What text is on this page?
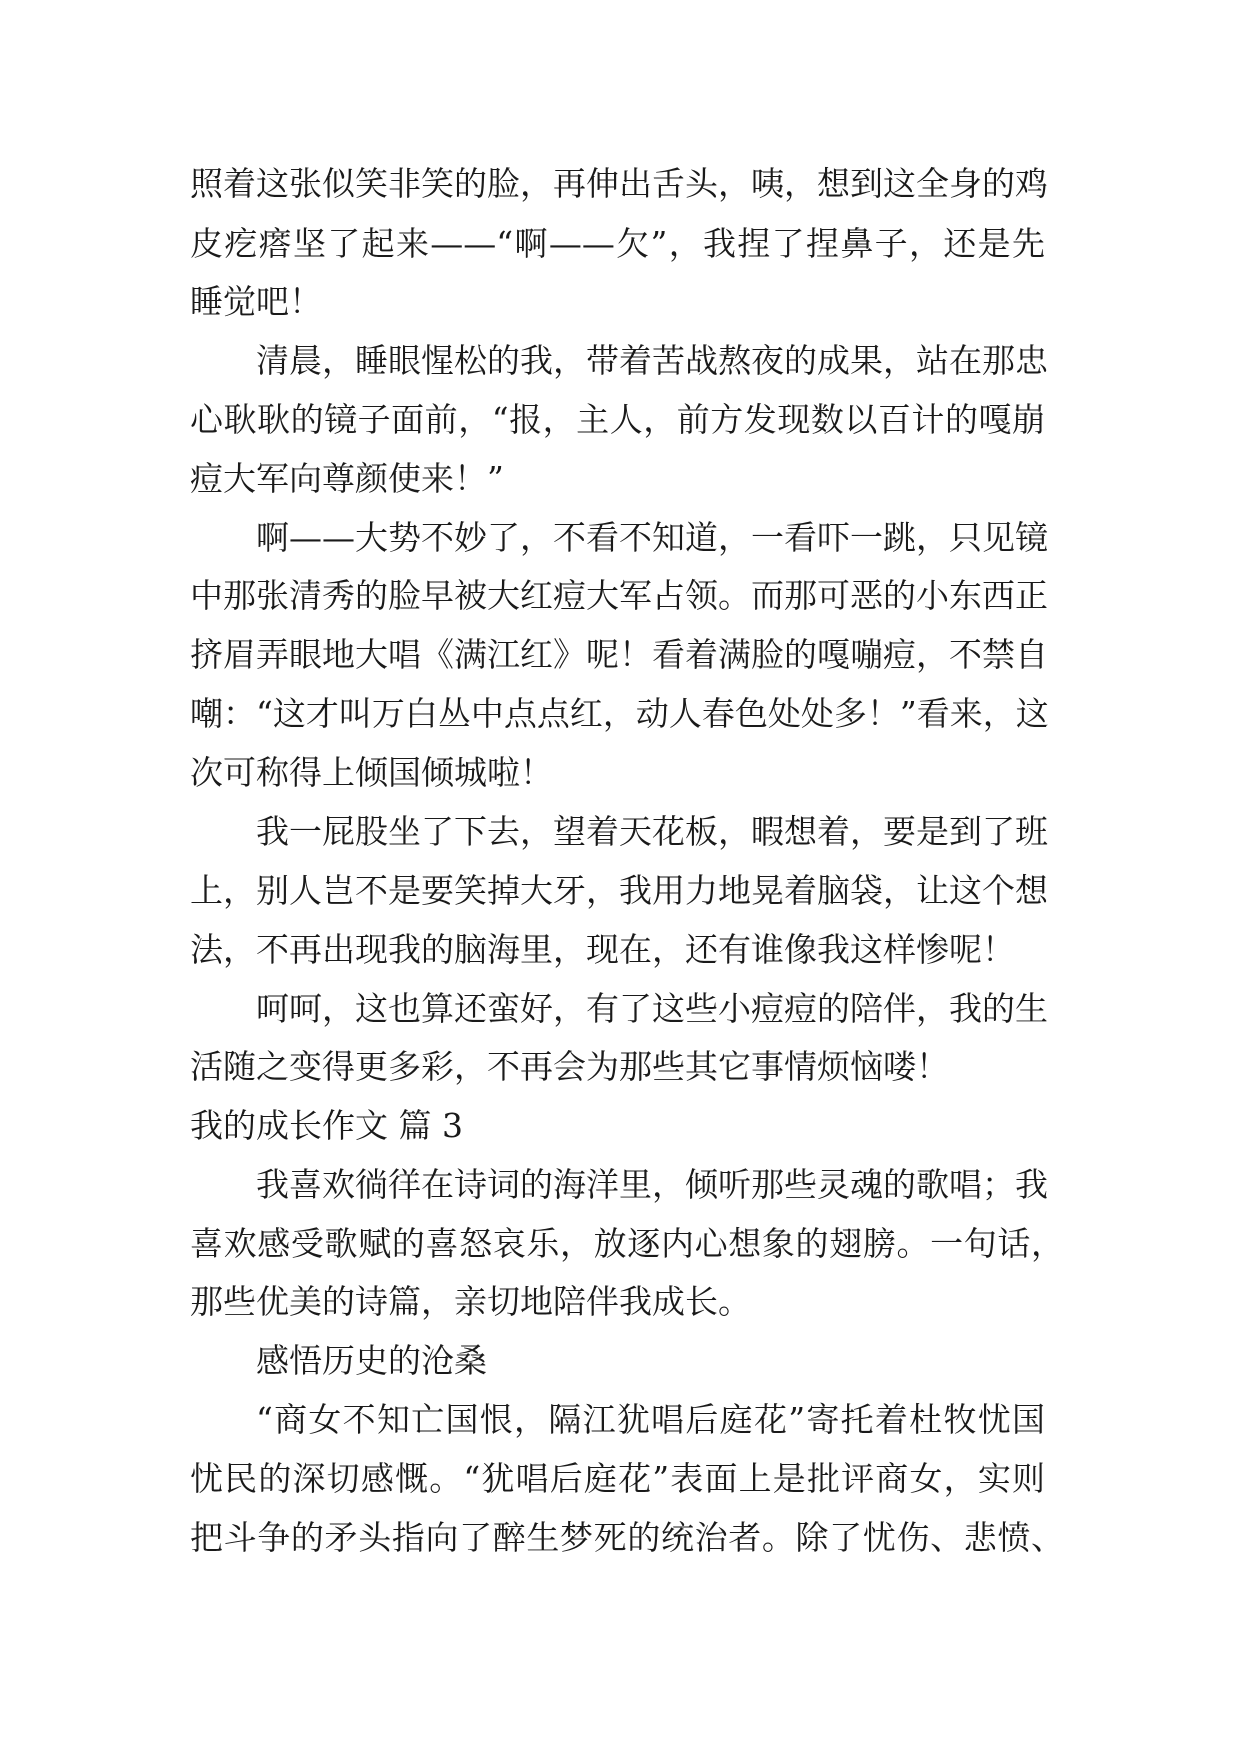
照着这张似笑非笑的脸，再伸出舌头，咦，想到这全身的鸡
皮疙瘩坚了起来——“啊——欠”，我捏了捏鼻子，还是先
睡觉吧！
清晨，睡眼惺松的我，带着苦战熬夜的成果，站在那忠
心耿耿的镜子面前，“报，主人，前方发现数以百计的嘎崩
痘大军向尊颜使来！”
啊——大势不妙了，不看不知道，一看吓一跳，只见镜
中那张清秀的脸早被大红痘大军占领。而那可恶的小东西正
挤眉弄眼地大唱《满江红》呢！看着满脸的嘎嘣痘，不禁自
嘲：“这才叫万白丛中点点红，动人春色处处多！”看来，这
次可称得上倾国倾城啦！
我一屁股坐了下去，望着天花板，暇想着，要是到了班
上，别人岂不是要笑掉大牙，我用力地晃着脑袋，让这个想
法，不再出现我的脑海里，现在，还有谁像我这样惨呢！
呵呵，这也算还蛮好，有了这些小痘痘的陪伴，我的生
活随之变得更多彩，不再会为那些其它事情烦恼喽！
我的成长作文 篇 3
我喜欢徜徉在诗词的海洋里，倾听那些灵魂的歌唱；我
喜欢感受歌赋的喜怒哀乐，放逐内心想象的翅膀。一句话，
那些优美的诗篇，亲切地陪伴我成长。
感悟历史的沧桑
“商女不知亡国恨，隔江犹唱后庭花”寄托着杜牧忧国
忧民的深切感慨。“犹唱后庭花”表面上是批评商女，实则
把斗争的矛头指向了醉生梦死的统治者。除了忧伤、悲愤、
